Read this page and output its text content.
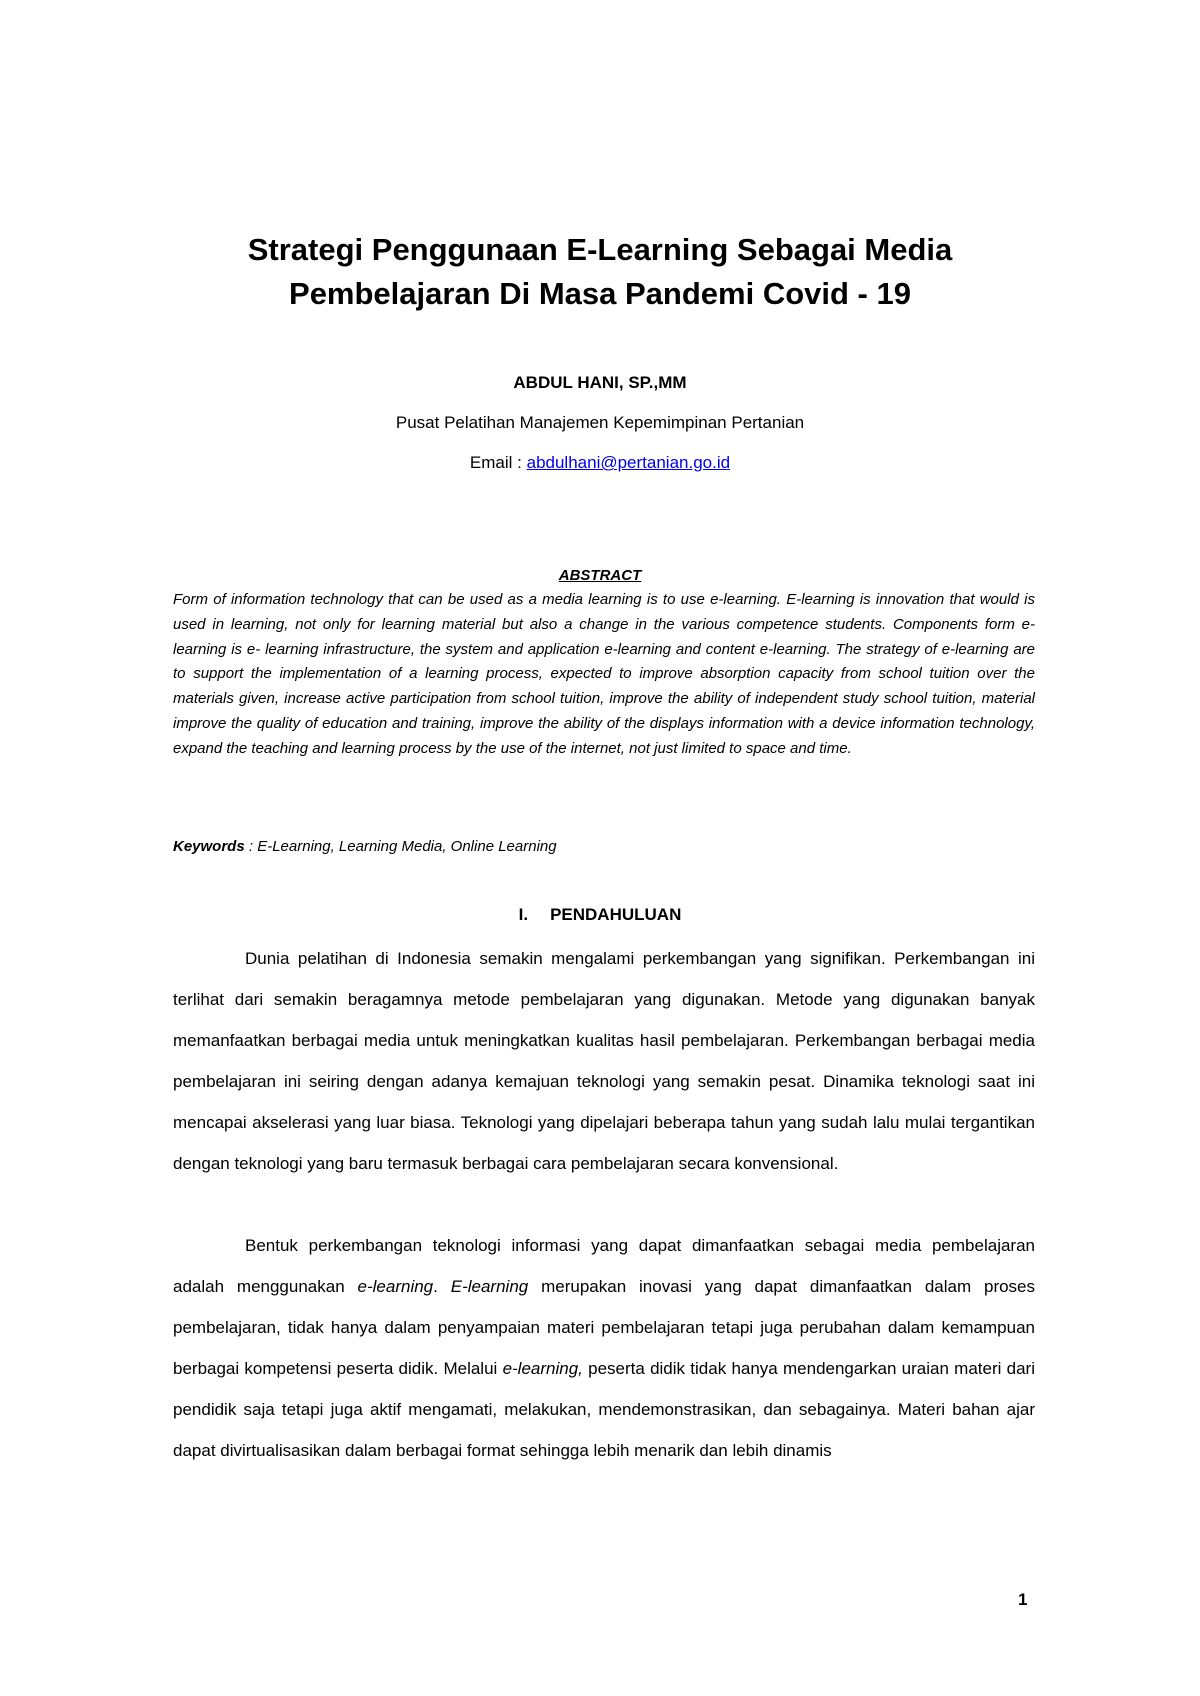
Strategi Penggunaan E-Learning Sebagai Media
Pembelajaran Di Masa Pandemi Covid - 19
ABDUL HANI, SP.,MM
Pusat Pelatihan Manajemen Kepemimpinan Pertanian
Email : abdulhani@pertanian.go.id
ABSTRACT

Form of information technology that can be used as a media learning is to use e-learning. E-learning is innovation that would is used in learning, not only for learning material but also a change in the various competence students. Components form e-learning is e- learning infrastructure, the system and application e-learning and content e-learning. The strategy of e-learning are to support the implementation of a learning process, expected to improve absorption capacity from school tuition over the materials given, increase active participation from school tuition, improve the ability of independent study school tuition, material improve the quality of education and training, improve the ability of the displays information with a device information technology, expand the teaching and learning process by the use of the internet, not just limited to space and time.

Keywords : E-Learning, Learning Media, Online Learning
I. PENDAHULUAN

Dunia pelatihan di Indonesia semakin mengalami perkembangan yang signifikan. Perkembangan ini terlihat dari semakin beragamnya metode pembelajaran yang digunakan. Metode yang digunakan banyak memanfaatkan berbagai media untuk meningkatkan kualitas hasil pembelajaran. Perkembangan berbagai media pembelajaran ini seiring dengan adanya kemajuan teknologi yang semakin pesat. Dinamika teknologi saat ini mencapai akselerasi yang luar biasa. Teknologi yang dipelajari beberapa tahun yang sudah lalu mulai tergantikan dengan teknologi yang baru termasuk berbagai cara pembelajaran secara konvensional.

Bentuk perkembangan teknologi informasi yang dapat dimanfaatkan sebagai media pembelajaran adalah menggunakan e-learning. E-learning merupakan inovasi yang dapat dimanfaatkan dalam proses pembelajaran, tidak hanya dalam penyampaian materi pembelajaran tetapi juga perubahan dalam kemampuan berbagai kompetensi peserta didik. Melalui e-learning, peserta didik tidak hanya mendengarkan uraian materi dari pendidik saja tetapi juga aktif mengamati, melakukan, mendemonstrasikan, dan sebagainya. Materi bahan ajar dapat divirtualisasikan dalam berbagai format sehingga lebih menarik dan lebih dinamis

1
